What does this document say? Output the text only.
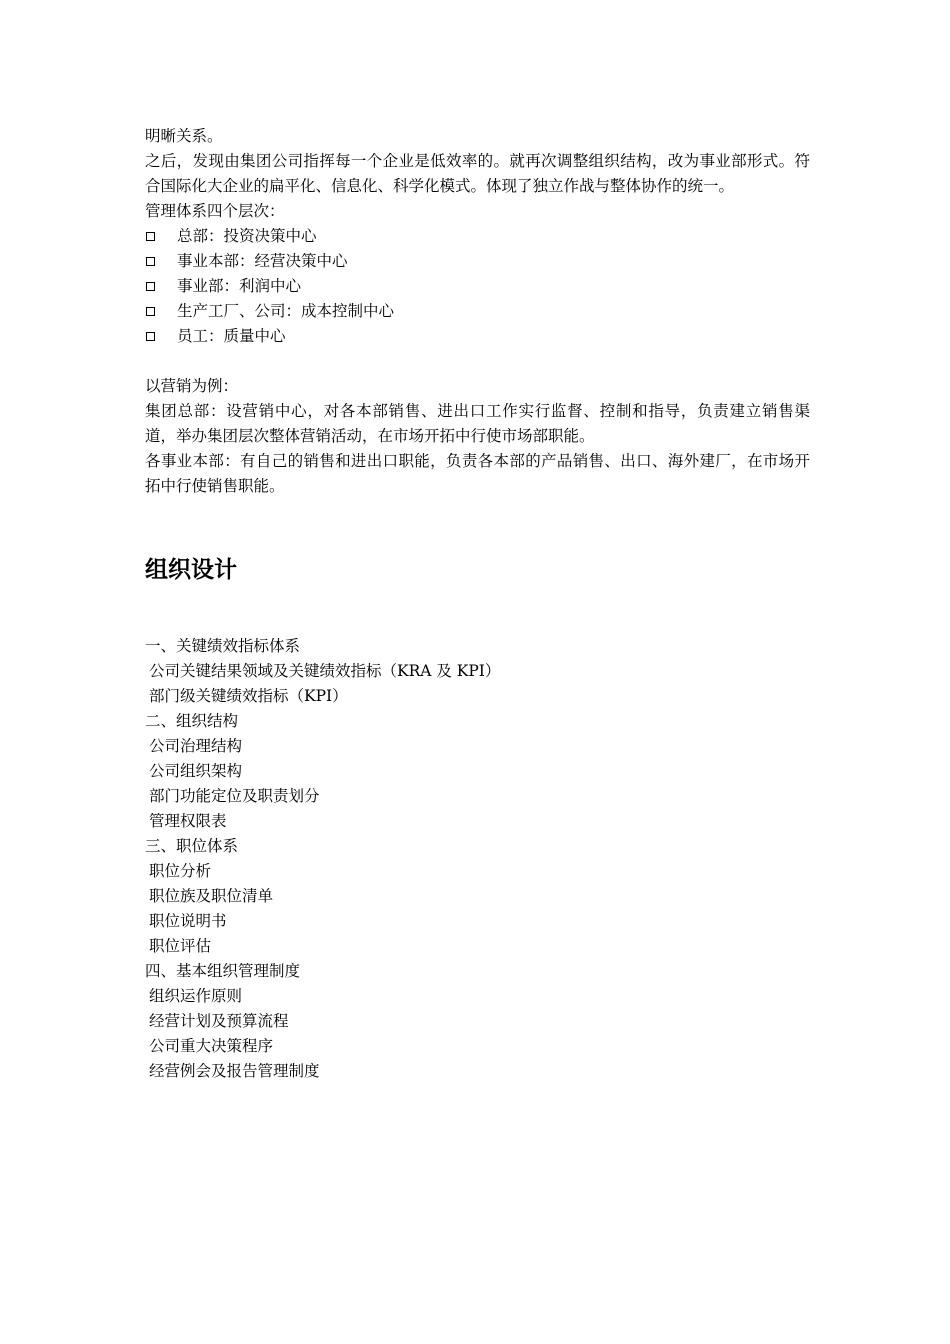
明晰关系。
之后，发现由集团公司指挥每一个企业是低效率的。就再次调整组织结构，改为事业部形式。符合国际化大企业的扁平化、信息化、科学化模式。体现了独立作战与整体协作的统一。
管理体系四个层次：
总部：投资决策中心
事业本部：经营决策中心
事业部：利润中心
生产工厂、公司：成本控制中心
员工：质量中心
以营销为例：
集团总部：设营销中心，对各本部销售、进出口工作实行监督、控制和指导，负责建立销售渠道，举办集团层次整体营销活动，在市场开拓中行使市场部职能。
各事业本部：有自己的销售和进出口职能，负责各本部的产品销售、出口、海外建厂，在市场开拓中行使销售职能。
组织设计
一、关键绩效指标体系
公司关键结果领域及关键绩效指标（KRA 及 KPI）
部门级关键绩效指标（KPI）
二、组织结构
公司治理结构
公司组织架构
部门功能定位及职责划分
管理权限表
三、职位体系
职位分析
职位族及职位清单
职位说明书
职位评估
四、基本组织管理制度
组织运作原则
经营计划及预算流程
公司重大决策程序
经营例会及报告管理制度
